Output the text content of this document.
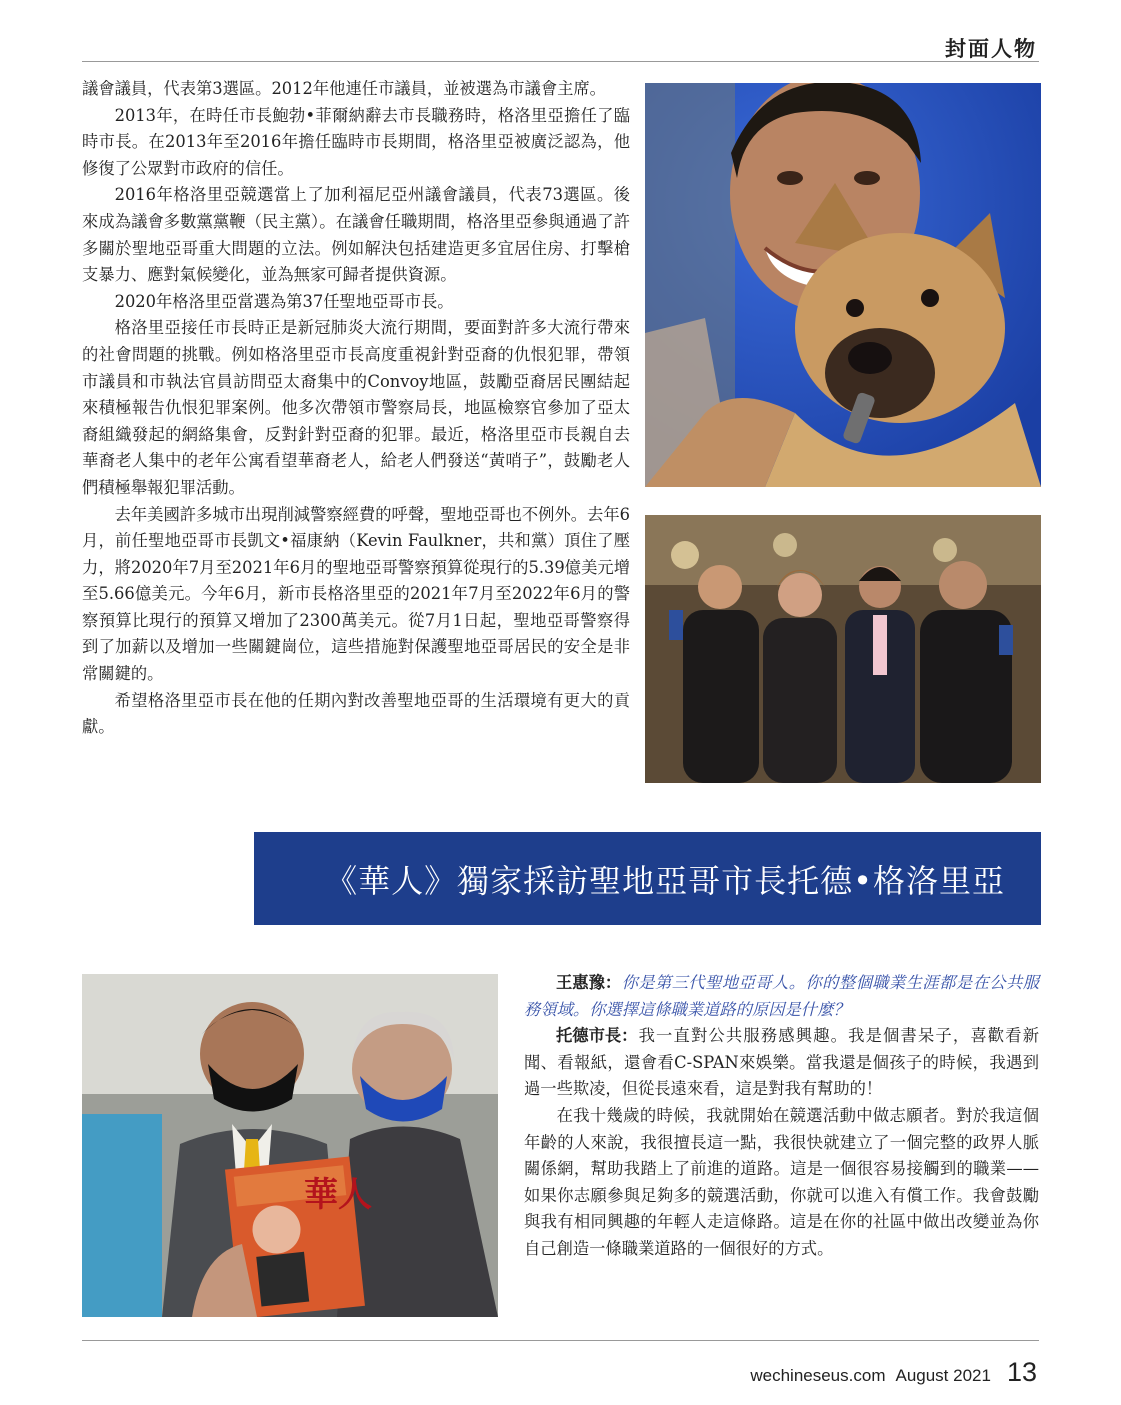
封面人物

議會議員，代表第3選區。2012年他連任市議員，並被選為市議會主席。

2013年，在時任市長鮑勃•菲爾納辭去市長職務時，格洛里亞擔任了臨時市長。在2013年至2016年擔任臨時市長期間，格洛里亞被廣泛認為，他修復了公眾對市政府的信任。

2016年格洛里亞競選當上了加利福尼亞州議會議員，代表73選區。後來成為議會多數黨黨鞭（民主黨）。在議會任職期間，格洛里亞參與通過了許多關於聖地亞哥重大問題的立法。例如解決包括建造更多宜居住房、打擊槍支暴力、應對氣候變化，並為無家可歸者提供資源。

2020年格洛里亞當選為第37任聖地亞哥市長。

格洛里亞接任市長時正是新冠肺炎大流行期間，要面對許多大流行帶來的社會問題的挑戰。例如格洛里亞市長高度重視針對亞裔的仇恨犯罪，帶領市議員和市執法官員訪問亞太裔集中的Convoy地區，鼓勵亞裔居民團結起來積極報告仇恨犯罪案例。他多次帶領市警察局長，地區檢察官參加了亞太裔組織發起的網絡集會，反對針對亞裔的犯罪。最近，格洛里亞市長親自去華裔老人集中的老年公寓看望華裔老人，給老人們發送“黃哨子”，鼓勵老人們積極舉報犯罪活動。

去年美國許多城市出現削減警察經費的呼聲，聖地亞哥也不例外。去年6月，前任聖地亞哥市長凱文•福康納（Kevin Faulkner，共和黨）頂住了壓力，將2020年7月至2021年6月的聖地亞哥警察預算從現行的5.39億美元增至5.66億美元。今年6月，新市長格洛里亞的2021年7月至2022年6月的警察預算比現行的預算又增加了2300萬美元。從7月1日起，聖地亞哥警察得到了加薪以及增加一些關鍵崗位，這些措施對保護聖地亞哥居民的安全是非常關鍵的。

希望格洛里亞市長在他的任期內對改善聖地亞哥的生活環境有更大的貢獻。

《華人》獨家採訪聖地亞哥市長托德•格洛里亞
華人

王惠豫：你是第三代聖地亞哥人。你的整個職業生涯都是在公共服務領域。你選擇這條職業道路的原因是什麼？

托德市長：我一直對公共服務感興趣。我是個書呆子，喜歡看新聞、看報紙，還會看C-SPAN來娛樂。當我還是個孩子的時候，我遇到過一些欺凌，但從長遠來看，這是對我有幫助的！

在我十幾歲的時候，我就開始在競選活動中做志願者。對於我這個年齡的人來說，我很擅長這一點，我很快就建立了一個完整的政界人脈關係網，幫助我踏上了前進的道路。這是一個很容易接觸到的職業——如果你志願參與足夠多的競選活動，你就可以進入有償工作。我會鼓勵與我有相同興趣的年輕人走這條路。這是在你的社區中做出改變並為你自己創造一條職業道路的一個很好的方式。

wechineseus.com August 2021 13
